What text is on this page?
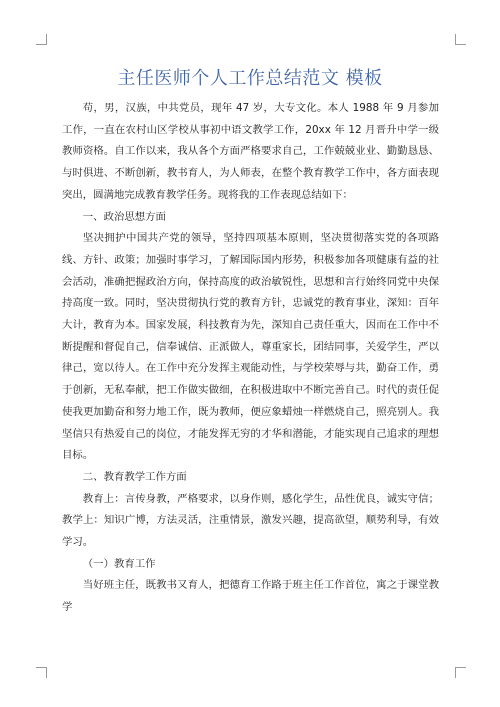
主任医师个人工作总结范文 模板

苟，男，汉族，中共党员，现年 47 岁，大专文化。本人 1988 年 9 月参加工作，一直在农村山区学校从事初中语文教学工作，20xx 年 12 月晋升中学一级教师资格。自工作以来，我从各个方面严格要求自己，工作兢兢业业、勤勤恳恳、与时俱进、不断创新，教书育人，为人师表，在整个教育教学工作中，各方面表现突出，圆满地完成教育教学任务。现将我的工作表现总结如下：

一、政治思想方面

坚决拥护中国共产党的领导，坚持四项基本原则，坚决贯彻落实党的各项路线、方针、政策；加强时事学习，了解国际国内形势，积极参加各项健康有益的社会活动，准确把握政治方向，保持高度的政治敏锐性，思想和言行始终同党中央保持高度一致。同时，坚决贯彻执行党的教育方针，忠诚党的教育事业，深知：百年大计，教育为本。国家发展，科技教育为先，深知自己责任重大，因而在工作中不断提醒和督促自己，信奉诚信、正派做人，尊重家长，团结同事，关爱学生，严以律己，宽以待人。在工作中充分发挥主观能动性，与学校荣辱与共，勤奋工作，勇于创新，无私奉献，把工作做实做细，在积极进取中不断完善自己。时代的责任促使我更加勤奋和努力地工作，既为教师，便应象蜡烛一样燃烧自己，照亮别人。我坚信只有热爱自己的岗位，才能发挥无穷的才华和潜能，才能实现自己追求的理想目标。

二、教育教学工作方面

教育上：言传身教，严格要求，以身作则，感化学生，品性优良，诚实守信；教学上：知识广博，方法灵活，注重情景，激发兴趣，提高欲望，顺势利导，有效学习。

（一）教育工作

当好班主任，既教书又育人，把德育工作路于班主任工作首位，寓之于课堂教学
